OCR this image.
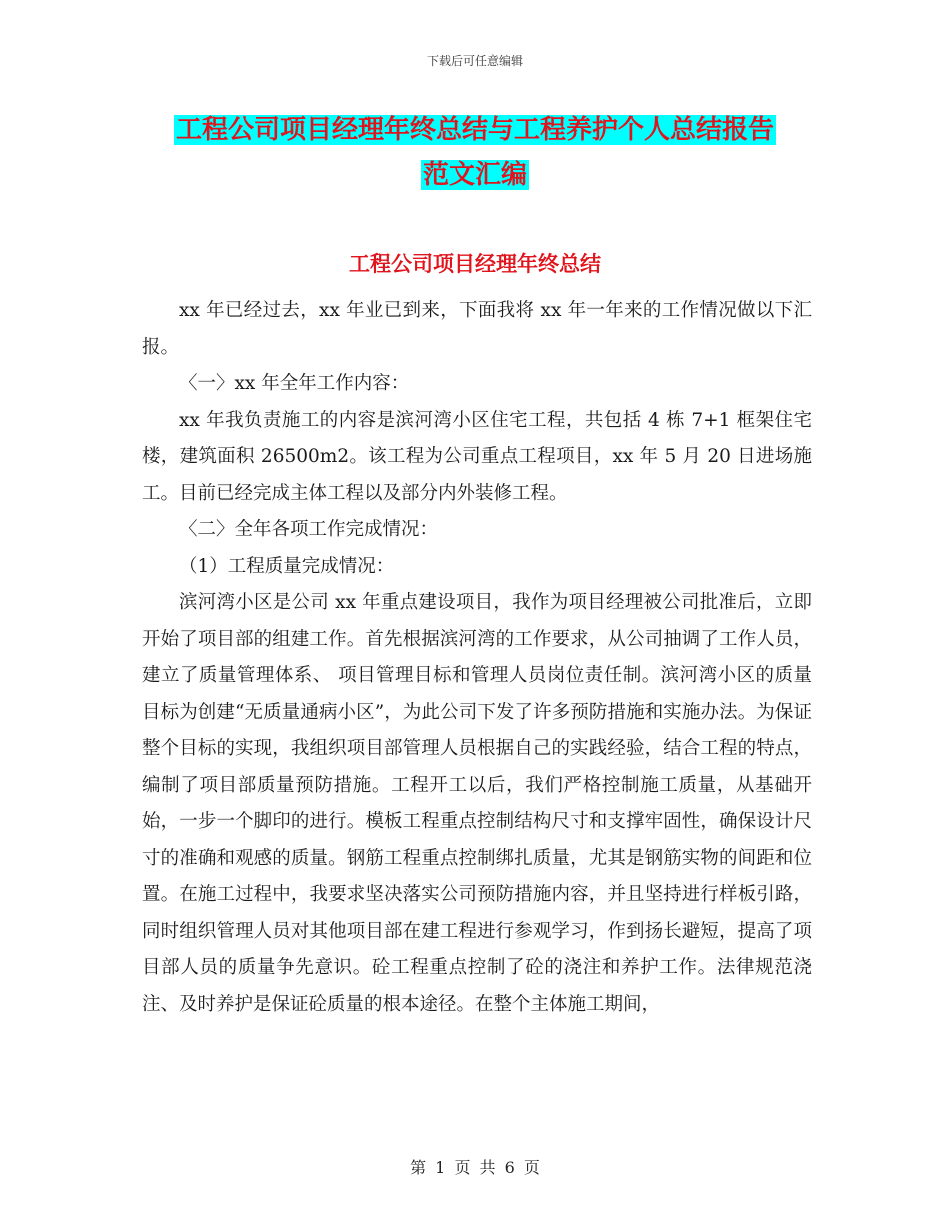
下载后可任意编辑
工程公司项目经理年终总结与工程养护个人总结报告
范文汇编
工程公司项目经理年终总结

xx 年已经过去，xx 年业已到来，下面我将 xx 年一年来的工作情况做以下汇报。

〈一〉xx 年全年工作内容：

xx 年我负责施工的内容是滨河湾小区住宅工程，共包括 4 栋 7+1 框架住宅楼，建筑面积 26500m2。该工程为公司重点工程项目，xx 年 5 月 20 日进场施工。目前已经完成主体工程以及部分内外装修工程。

〈二〉全年各项工作完成情况：

（1）工程质量完成情况：

滨河湾小区是公司 xx 年重点建设项目，我作为项目经理被公司批准后，立即开始了项目部的组建工作。首先根据滨河湾的工作要求，从公司抽调了工作人员，建立了质量管理体系、 项目管理目标和管理人员岗位责任制。滨河湾小区的质量目标为创建“无质量通病小区”，为此公司下发了许多预防措施和实施办法。为保证整个目标的实现，我组织项目部管理人员根据自己的实践经验，结合工程的特点，编制了项目部质量预防措施。工程开工以后，我们严格控制施工质量，从基础开始，一步一个脚印的进行。模板工程重点控制结构尺寸和支撑牢固性，确保设计尺寸的准确和观感的质量。钢筋工程重点控制绑扎质量，尤其是钢筋实物的间距和位置。在施工过程中，我要求坚决落实公司预防措施内容，并且坚持进行样板引路，同时组织管理人员对其他项目部在建工程进行参观学习，作到扬长避短，提高了项目部人员的质量争先意识。砼工程重点控制了砼的浇注和养护工作。法律规范浇注、及时养护是保证砼质量的根本途径。在整个主体施工期间，

第 1 页 共 6 页
